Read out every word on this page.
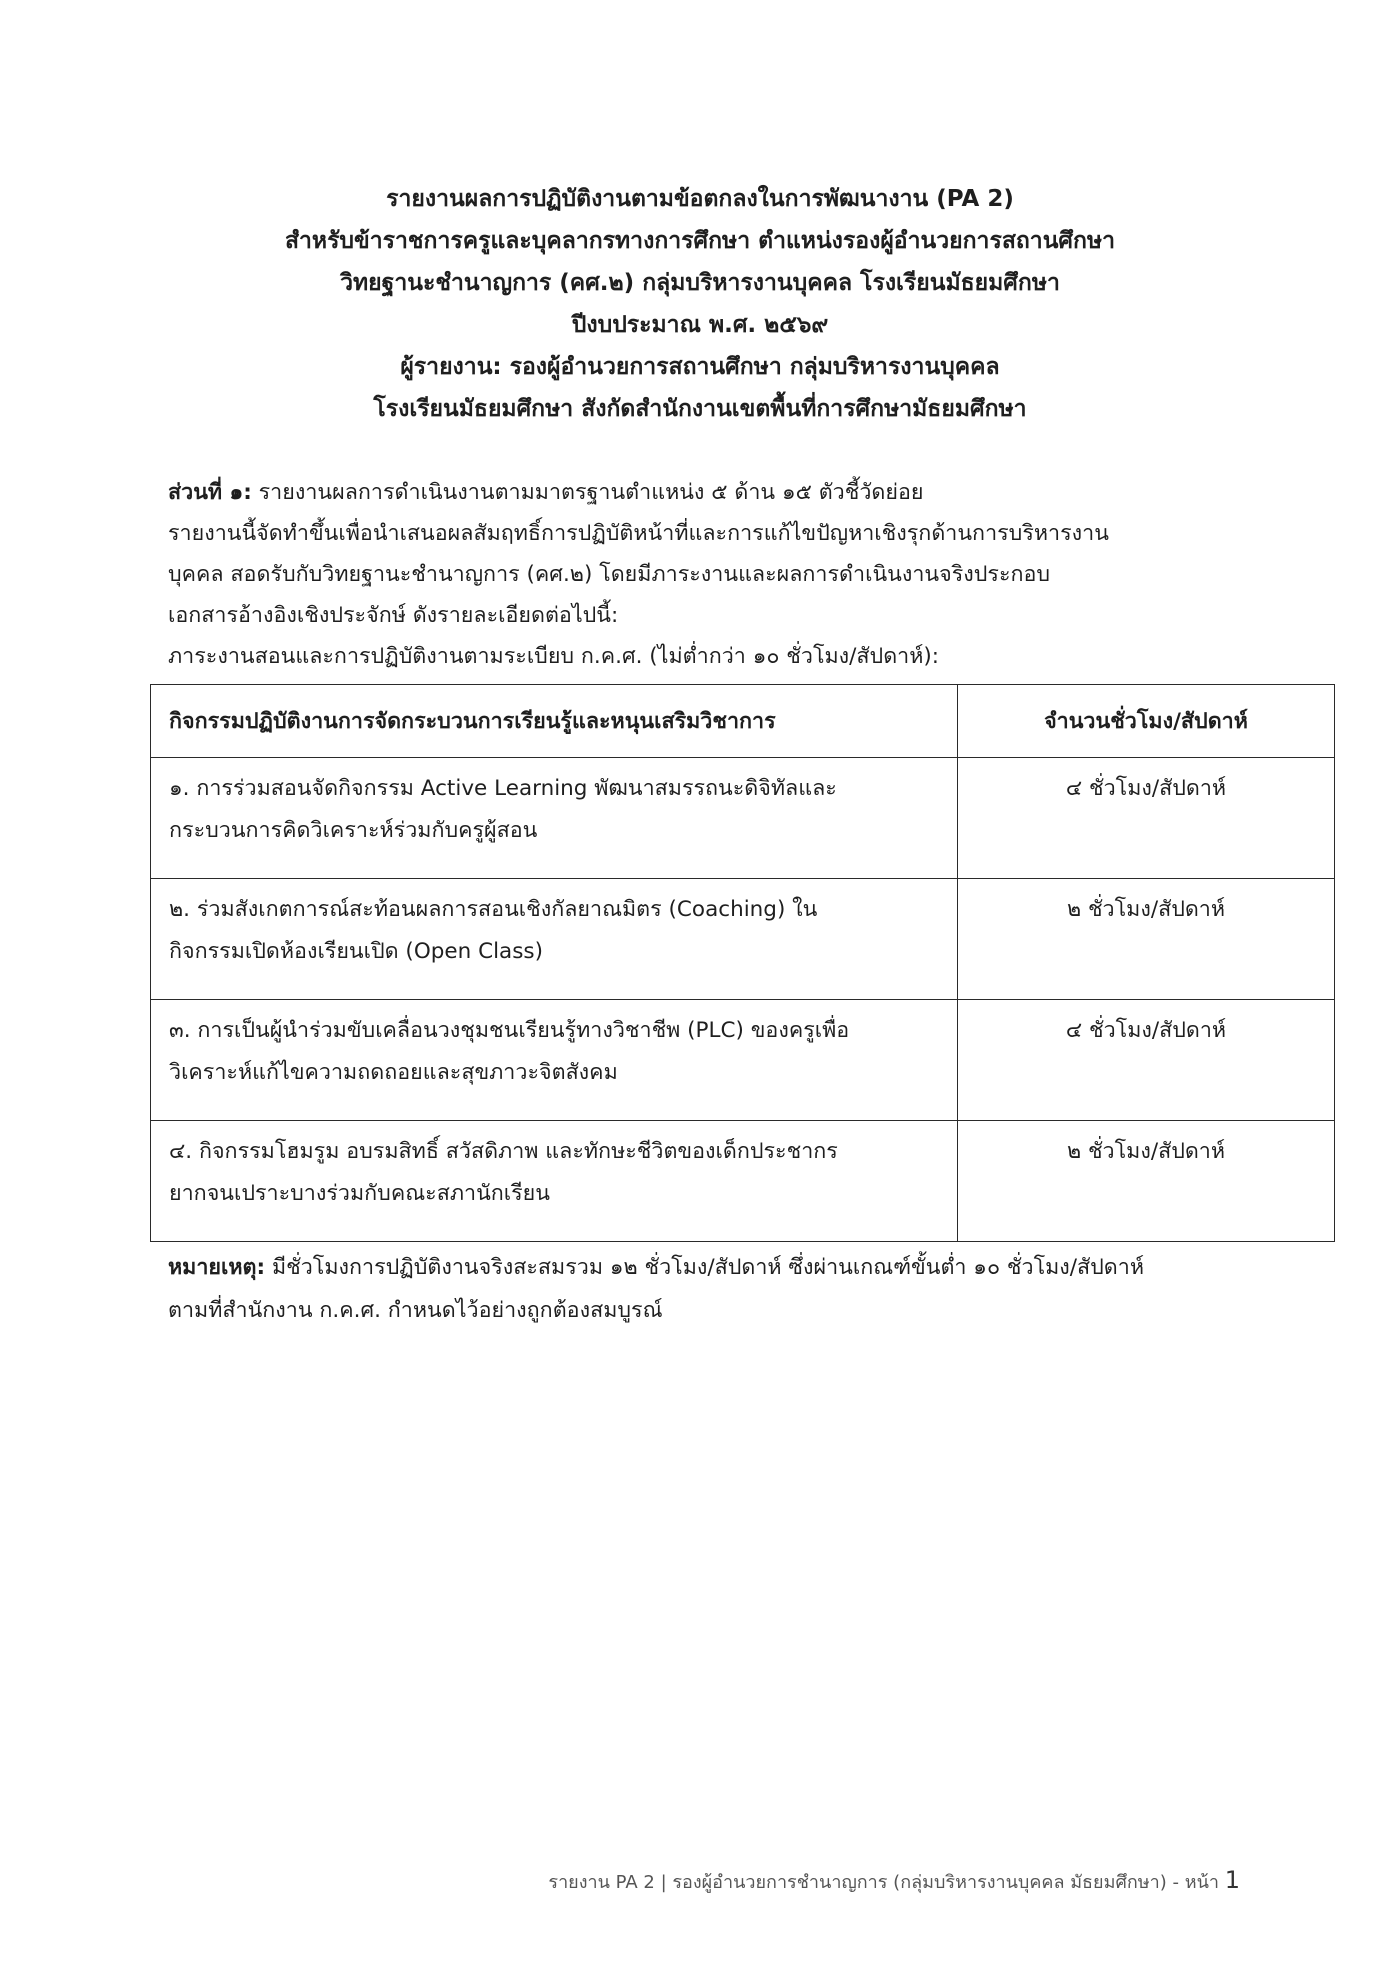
รายงานผลการปฏิบัติงานตามข้อตกลงในการพัฒนางาน (PA 2)
สำหรับข้าราชการครูและบุคลากรทางการศึกษา ตำแหน่งรองผู้อำนวยการสถานศึกษา
วิทยฐานะชำนาญการ (คศ.๒) กลุ่มบริหารงานบุคคล โรงเรียนมัธยมศึกษา
ปีงบประมาณ พ.ศ. ๒๕๖๙
ผู้รายงาน: รองผู้อำนวยการสถานศึกษา กลุ่มบริหารงานบุคคล
โรงเรียนมัธยมศึกษา สังกัดสำนักงานเขตพื้นที่การศึกษามัธยมศึกษา
ส่วนที่ ๑: รายงานผลการดำเนินงานตามมาตรฐานตำแหน่ง ๕ ด้าน ๑๕ ตัวชี้วัดย่อย
รายงานนี้จัดทำขึ้นเพื่อนำเสนอผลสัมฤทธิ์การปฏิบัติหน้าที่และการแก้ไขปัญหาเชิงรุกด้านการบริหารงาน
บุคคล สอดรับกับวิทยฐานะชำนาญการ (คศ.๒) โดยมีภาระงานและผลการดำเนินงานจริงประกอบ
เอกสารอ้างอิงเชิงประจักษ์ ดังรายละเอียดต่อไปนี้:
ภาระงานสอนและการปฏิบัติงานตามระเบียบ ก.ค.ศ. (ไม่ต่ำกว่า ๑๐ ชั่วโมง/สัปดาห์):
กิจกรรมปฏิบัติงานการจัดกระบวนการเรียนรู้และหนุนเสริมวิชาการ	จำนวนชั่วโมง/สัปดาห์

๑. การร่วมสอนจัดกิจกรรม Active Learning พัฒนาสมรรถนะดิจิทัลและ
กระบวนการคิดวิเคราะห์ร่วมกับครูผู้สอน	๔ ชั่วโมง/สัปดาห์

๒. ร่วมสังเกตการณ์สะท้อนผลการสอนเชิงกัลยาณมิตร (Coaching) ใน
กิจกรรมเปิดห้องเรียนเปิด (Open Class)	๒ ชั่วโมง/สัปดาห์

๓. การเป็นผู้นำร่วมขับเคลื่อนวงชุมชนเรียนรู้ทางวิชาชีพ (PLC) ของครูเพื่อ
วิเคราะห์แก้ไขความถดถอยและสุขภาวะจิตสังคม	๔ ชั่วโมง/สัปดาห์

๔. กิจกรรมโฮมรูม อบรมสิทธิ์ สวัสดิภาพ และทักษะชีวิตของเด็กประชากร
ยากจนเปราะบางร่วมกับคณะสภานักเรียน	๒ ชั่วโมง/สัปดาห์
หมายเหตุ: มีชั่วโมงการปฏิบัติงานจริงสะสมรวม ๑๒ ชั่วโมง/สัปดาห์ ซึ่งผ่านเกณฑ์ขั้นต่ำ ๑๐ ชั่วโมง/สัปดาห์
ตามที่สำนักงาน ก.ค.ศ. กำหนดไว้อย่างถูกต้องสมบูรณ์
รายงาน PA 2 | รองผู้อำนวยการชำนาญการ (กลุ่มบริหารงานบุคคล มัธยมศึกษา) - หน้า 1
